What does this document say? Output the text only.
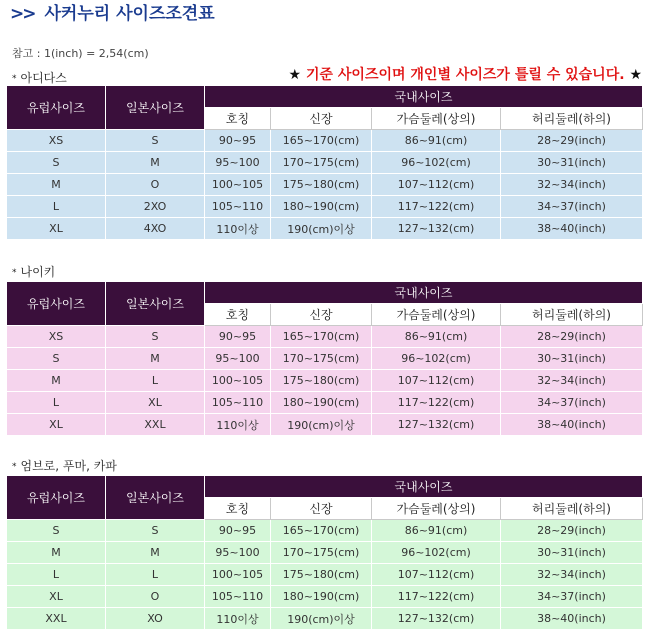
>> 사커누리 사이즈조견표
참고 : 1(inch) = 2,54(cm)
★ 기준 사이즈이며 개인별 사이즈가 틀릴 수 있습니다. ★
* 아디다스
유럽사이즈	일본사이즈	국내사이즈			
		호칭	신장	가슴둘레(상의)	허리둘레(하의)
XS	S	90~95	165~170(cm)	86~91(cm)	28~29(inch)
S	M	95~100	170~175(cm)	96~102(cm)	30~31(inch)
M	O	100~105	175~180(cm)	107~112(cm)	32~34(inch)
L	2XO	105~110	180~190(cm)	117~122(cm)	34~37(inch)
XL	4XO	110이상	190(cm)이상	127~132(cm)	38~40(inch)
* 나이키
유럽사이즈	일본사이즈	국내사이즈			
		호칭	신장	가슴둘레(상의)	허리둘레(하의)
XS	S	90~95	165~170(cm)	86~91(cm)	28~29(inch)
S	M	95~100	170~175(cm)	96~102(cm)	30~31(inch)
M	L	100~105	175~180(cm)	107~112(cm)	32~34(inch)
L	XL	105~110	180~190(cm)	117~122(cm)	34~37(inch)
XL	XXL	110이상	190(cm)이상	127~132(cm)	38~40(inch)
* 엄브로, 푸마, 카파
유럽사이즈	일본사이즈	국내사이즈			
		호칭	신장	가슴둘레(상의)	허리둘레(하의)
S	S	90~95	165~170(cm)	86~91(cm)	28~29(inch)
M	M	95~100	170~175(cm)	96~102(cm)	30~31(inch)
L	L	100~105	175~180(cm)	107~112(cm)	32~34(inch)
XL	O	105~110	180~190(cm)	117~122(cm)	34~37(inch)
XXL	XO	110이상	190(cm)이상	127~132(cm)	38~40(inch)
